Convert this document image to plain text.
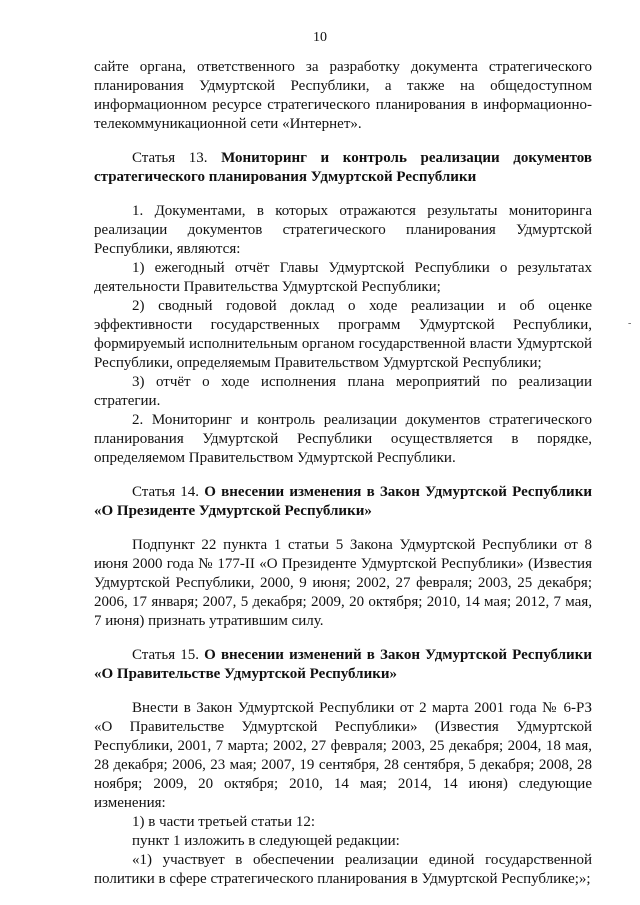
10
-

сайте органа, ответственного за разработку документа стратегического планирования Удмуртской Республики, а также на общедоступном информационном ресурсе стратегического планирования в информационно-телекоммуникационной сети «Интернет».

Статья 13. Мониторинг и контроль реализации документов стратегического планирования Удмуртской Республики

1. Документами, в которых отражаются результаты мониторинга реализации документов стратегического планирования Удмуртской Республики, являются:

1) ежегодный отчёт Главы Удмуртской Республики о результатах деятельности Правительства Удмуртской Республики;

2) сводный годовой доклад о ходе реализации и об оценке эффективности государственных программ Удмуртской Республики, формируемый исполнительным органом государственной власти Удмуртской Республики, определяемым Правительством Удмуртской Республики;

3) отчёт о ходе исполнения плана мероприятий по реализации стратегии.

2. Мониторинг и контроль реализации документов стратегического планирования Удмуртской Республики осуществляется в порядке, определяемом Правительством Удмуртской Республики.

Статья 14. О внесении изменения в Закон Удмуртской Республики «О Президенте Удмуртской Республики»

Подпункт 22 пункта 1 статьи 5 Закона Удмуртской Республики от 8 июня 2000 года № 177-II «О Президенте Удмуртской Республики» (Известия Удмуртской Республики, 2000, 9 июня; 2002, 27 февраля; 2003, 25 декабря; 2006, 17 января; 2007, 5 декабря; 2009, 20 октября; 2010, 14 мая; 2012, 7 мая, 7 июня) признать утратившим силу.

Статья 15. О внесении изменений в Закон Удмуртской Республики «О Правительстве Удмуртской Республики»

Внести в Закон Удмуртской Республики от 2 марта 2001 года № 6-РЗ «О Правительстве Удмуртской Республики» (Известия Удмуртской Республики, 2001, 7 марта; 2002, 27 февраля; 2003, 25 декабря; 2004, 18 мая, 28 декабря; 2006, 23 мая; 2007, 19 сентября, 28 сентября, 5 декабря; 2008, 28 ноября; 2009, 20 октября; 2010, 14 мая; 2014, 14 июня) следующие изменения:

1) в части третьей статьи 12:

пункт 1 изложить в следующей редакции:

«1) участвует в обеспечении реализации единой государственной политики в сфере стратегического планирования в Удмуртской Республике;»;
